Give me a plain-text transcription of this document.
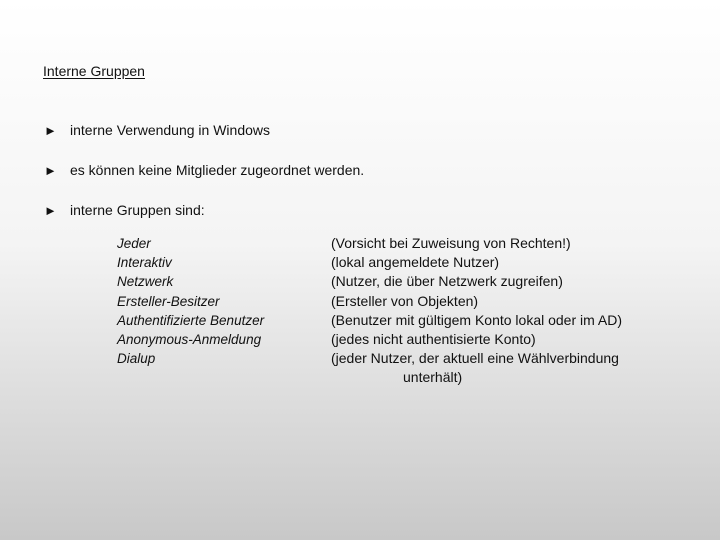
Interne Gruppen
► interne Verwendung in Windows
► es können keine Mitglieder zugeordnet werden.
► interne Gruppen sind:
Jeder
Interaktiv
Netzwerk
Ersteller-Besitzer
Authentifizierte Benutzer
Anonymous-Anmeldung
Dialup
(Vorsicht bei Zuweisung von Rechten!)
(lokal angemeldete Nutzer)
(Nutzer, die über Netzwerk zugreifen)
(Ersteller von Objekten)
(Benutzer mit gültigem Konto lokal oder im AD)
(jedes nicht authentisierte Konto)
(jeder Nutzer, der aktuell eine Wählverbindung
unterhält)
